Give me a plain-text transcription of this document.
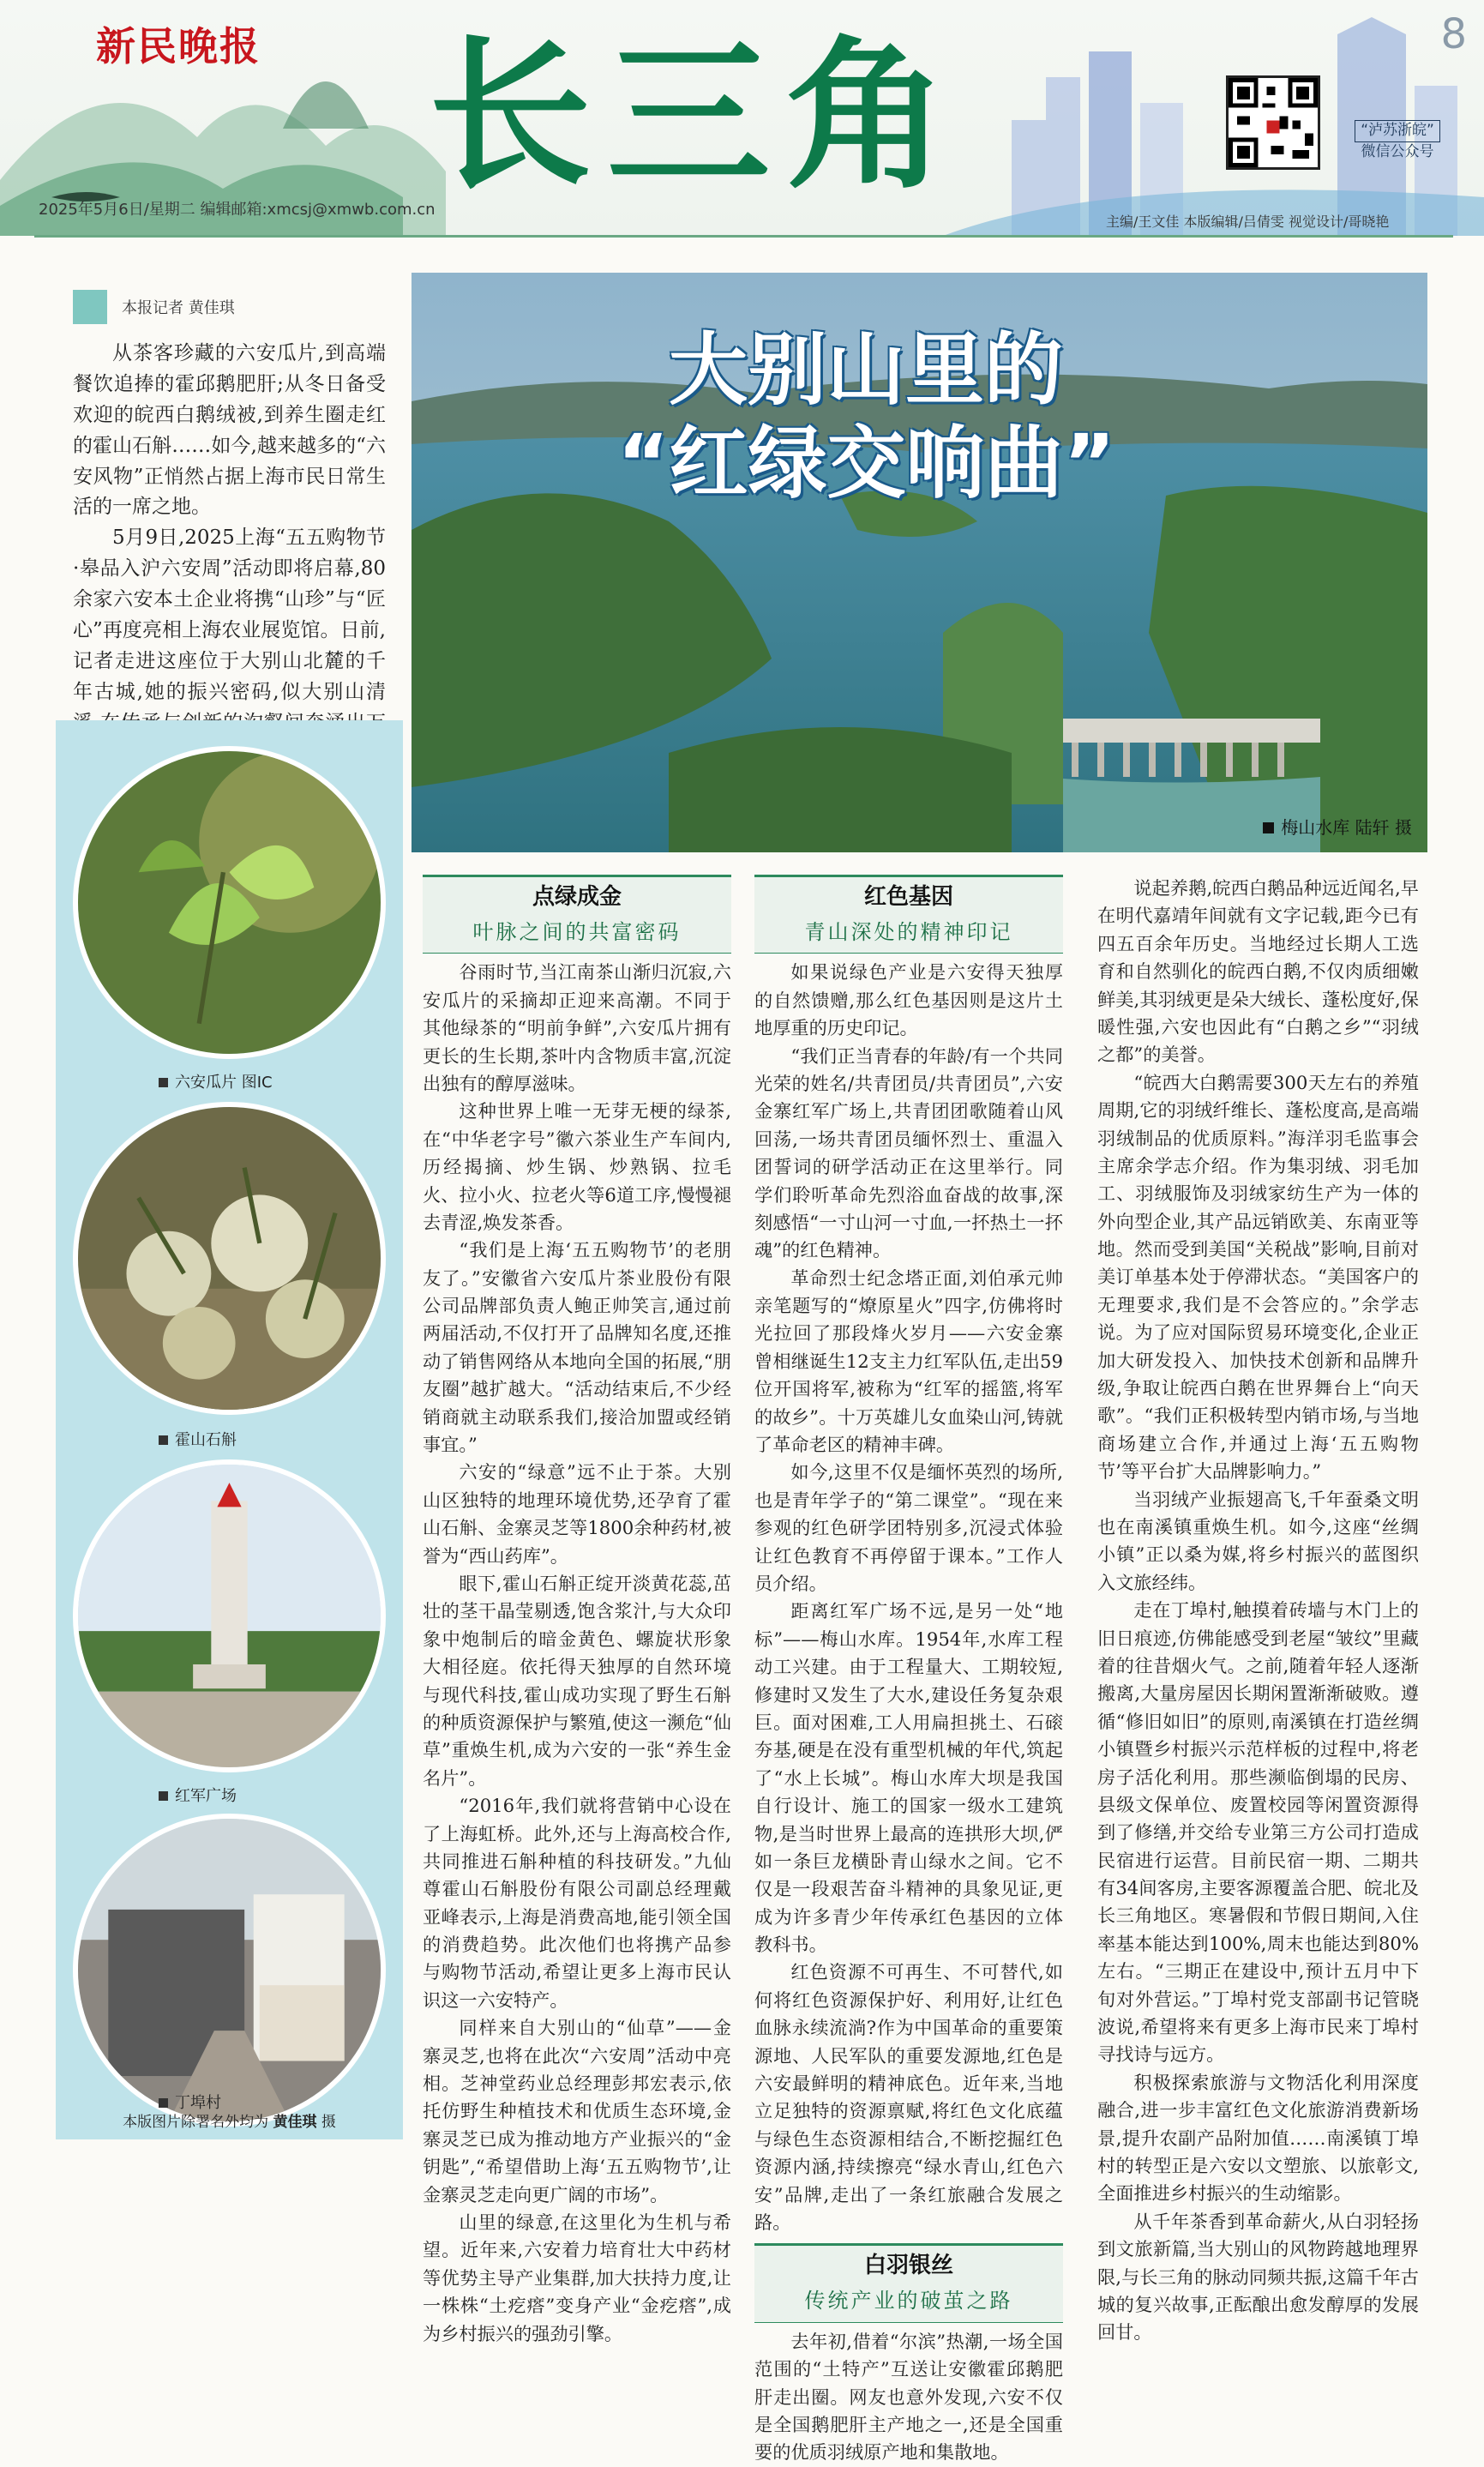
新民晚报	8
长三角
2025年5月6日/星期二 编辑邮箱:xmcsj@xmwb.com.cn
主编/王文佳 本版编辑/吕倩雯 视觉设计/哥晓艳
“泸苏浙皖”
微信公众号
本报记者 黄佳琪

从茶客珍藏的六安瓜片,到高端餐饮追捧的霍邱鹅肥肝;从冬日备受欢迎的皖西白鹅绒被,到养生圈走红的霍山石斛……如今,越来越多的“六安风物”正悄然占据上海市民日常生活的一席之地。

5月9日,2025上海“五五购物节·皋品入沪六安周”活动即将启幕,80余家六安本土企业将携“山珍”与“匠心”再度亮相上海农业展览馆。日前,记者走进这座位于大别山北麓的千年古城,她的振兴密码,似大别山清

六安瓜片 图IC
霍山石斛
红军广场
丁埠村
本版图片除署名外均为 黄佳琪 摄
大别山里的
“红绿交响曲”
梅山水库 陆轩 摄
点绿成金
叶脉之间的共富密码

谷雨时节,当江南茶山渐归沉寂,六安瓜片的采摘却正迎来高潮。不同于其他绿茶的“明前争鲜”,六安瓜片拥有更长的生长期,茶叶内含物质丰富,沉淀出独有的醇厚滋味。

这种世界上唯一无芽无梗的绿茶,在“中华老字号”徽六茶业生产车间内,历经揭摘、炒生锅、炒熟锅、拉毛火、拉小火、拉老火等6道工序,慢慢褪去青涩,焕发茶香。

“我们是上海‘五五购物节’的老朋友了。”安徽省六安瓜片茶业股份有限公司品牌部负责人鲍正帅笑言,通过前两届活动,不仅打开了品牌知名度,还推动了销售网络从本地向全国的拓展,“朋友圈”越扩越大。“活动结束后,不少经销商就主动联系我们,接洽加盟或经销事宜。”

六安的“绿意”远不止于茶。大别山区独特的地理环境优势,还孕育了霍山石斛、金寨灵芝等1800余种药材,被誉为“西山药库”。

眼下,霍山石斛正绽开淡黄花蕊,茁壮的茎干晶莹剔透,饱含浆汁,与大众印象中炮制后的暗金黄色、螺旋状形象大相径庭。依托得天独厚的自然环境与现代科技,霍山成功实现了野生石斛的种质资源保护与繁殖,使这一濒危“仙草”重焕生机,成为六安的一张“养生金名片”。

“2016年,我们就将营销中心设在了上海虹桥。此外,还与上海高校合作,共同推进石斛种植的科技研发。”九仙尊霍山石斛股份有限公司副总经理戴亚峰表示,上海是消费高地,能引领全国的消费趋势。此次他们也将携产品参与购物节活动,希望让更多上海市民认识这一六安特产。

同样来自大别山的“仙草”——金寨灵芝,也将在此次“六安周”活动中亮相。芝神堂药业总经理彭邦宏表示,依托仿野生种植技术和优质生态环境,金寨灵芝已成为推动地方产业振兴的“金钥匙”,“希望借助上海‘五五购物节’,让金寨灵芝走向更广阔的市场”。

山里的绿意,在这里化为生机与希望。近年来,六安着力培育壮大中药材等优势主导产业集群,加大扶持力度,让一株株“土疙瘩”变身产业“金疙瘩”,成为乡村振兴的强劲引擎。

红色基因
青山深处的精神印记

如果说绿色产业是六安得天独厚的自然馈赠,那么红色基因则是这片土地厚重的历史印记。

“我们正当青春的年龄/有一个共同光荣的姓名/共青团员/共青团员”,六安金寨红军广场上,共青团团歌随着山风回荡,一场共青团员缅怀烈士、重温入团誓词的研学活动正在这里举行。同学们聆听革命先烈浴血奋战的故事,深刻感悟“一寸山河一寸血,一抔热土一抔魂”的红色精神。

革命烈士纪念塔正面,刘伯承元帅亲笔题写的“燎原星火”四字,仿佛将时光拉回了那段烽火岁月——六安金寨曾相继诞生12支主力红军队伍,走出59位开国将军,被称为“红军的摇篮,将军的故乡”。十万英雄儿女血染山河,铸就了革命老区的精神丰碑。

如今,这里不仅是缅怀英烈的场所,也是青年学子的“第二课堂”。“现在来参观的红色研学团特别多,沉浸式体验让红色教育不再停留于课本。”工作人员介绍。

距离红军广场不远,是另一处“地标”——梅山水库。1954年,水库工程动工兴建。由于工程量大、工期较短,修建时又发生了大水,建设任务复杂艰巨。面对困难,工人用扁担挑土、石磙夯基,硬是在没有重型机械的年代,筑起了“水上长城”。梅山水库大坝是我国自行设计、施工的国家一级水工建筑物,是当时世界上最高的连拱形大坝,俨如一条巨龙横卧青山绿水之间。它不仅是一段艰苦奋斗精神的具象见证,更成为许多青少年传承红色基因的立体教科书。

红色资源不可再生、不可替代,如何将红色资源保护好、利用好,让红色血脉永续流淌?作为中国革命的重要策源地、人民军队的重要发源地,红色是六安最鲜明的精神底色。近年来,当地立足独特的资源禀赋,将红色文化底蕴与绿色生态资源相结合,不断挖掘红色资源内涵,持续擦亮“绿水青山,红色六安”品牌,走出了一条红旅融合发展之路。

白羽银丝
传统产业的破茧之路

去年初,借着“尔滨”热潮,一场全国范围的“土特产”互送让安徽霍邱鹅肥肝走出圈。网友也意外发现,六安不仅是全国鹅肥肝主产地之一,还是全国重要的优质羽绒原产地和集散地。

说起养鹅,皖西白鹅品种远近闻名,早在明代嘉靖年间就有文字记载,距今已有四五百余年历史。当地经过长期人工选育和自然驯化的皖西白鹅,不仅肉质细嫩鲜美,其羽绒更是朵大绒长、蓬松度好,保暖性强,六安也因此有“白鹅之乡”“羽绒之都”的美誉。

“皖西大白鹅需要300天左右的养殖周期,它的羽绒纤维长、蓬松度高,是高端羽绒制品的优质原料。”海洋羽毛监事会主席余学志介绍。作为集羽绒、羽毛加工、羽绒服饰及羽绒家纺生产为一体的外向型企业,其产品远销欧美、东南亚等地。然而受到美国“关税战”影响,目前对美订单基本处于停滞状态。“美国客户的无理要求,我们是不会答应的。”余学志说。为了应对国际贸易环境变化,企业正加大研发投入、加快技术创新和品牌升级,争取让皖西白鹅在世界舞台上“向天歌”。“我们正积极转型内销市场,与当地商场建立合作,并通过上海‘五五购物节’等平台扩大品牌影响力。”

当羽绒产业振翅高飞,千年蚕桑文明也在南溪镇重焕生机。如今,这座“丝绸小镇”正以桑为媒,将乡村振兴的蓝图织入文旅经纬。

走在丁埠村,触摸着砖墙与木门上的旧日痕迹,仿佛能感受到老屋“皱纹”里藏着的往昔烟火气。之前,随着年轻人逐渐搬离,大量房屋因长期闲置渐渐破败。遵循“修旧如旧”的原则,南溪镇在打造丝绸小镇暨乡村振兴示范样板的过程中,将老房子活化利用。那些濒临倒塌的民房、县级文保单位、废置校园等闲置资源得到了修缮,并交给专业第三方公司打造成民宿进行运营。目前民宿一期、二期共有34间客房,主要客源覆盖合肥、皖北及长三角地区。寒暑假和节假日期间,入住率基本能达到100%,周末也能达到80%左右。“三期正在建设中,预计五月中下旬对外营运。”丁埠村党支部副书记管晓波说,希望将来有更多上海市民来丁埠村寻找诗与远方。

积极探索旅游与文物活化利用深度融合,进一步丰富红色文化旅游消费新场景,提升农副产品附加值……南溪镇丁埠村的转型正是六安以文塑旅、以旅彰文,全面推进乡村振兴的生动缩影。

从千年茶香到革命薪火,从白羽轻扬到文旅新篇,当大别山的风物跨越地理界限,与长三角的脉动同频共振,这篇千年古城的复兴故事,正酝酿出愈发醇厚的发展回甘。
